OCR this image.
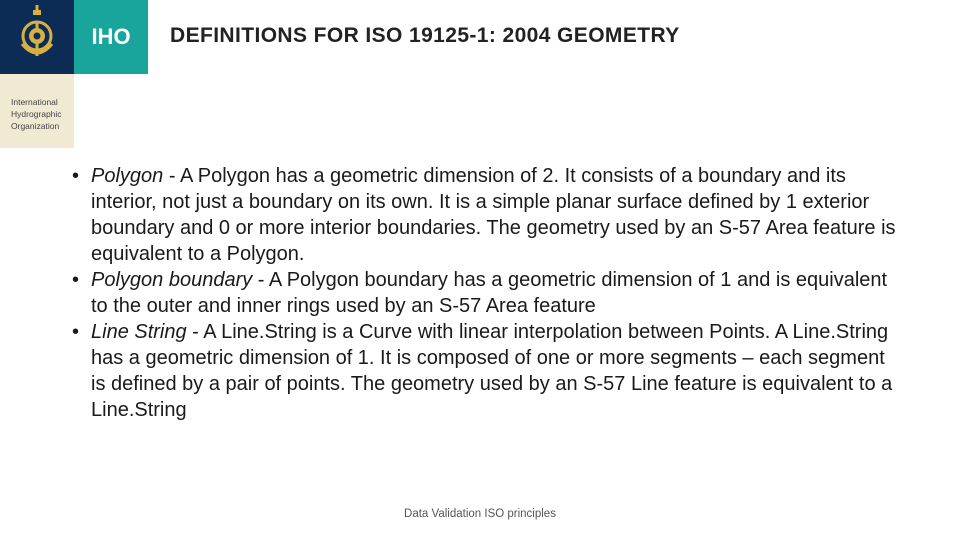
IHO
International
Hydrographic
Organization
DEFINITIONS FOR ISO 19125-1: 2004 GEOMETRY
• Polygon - A Polygon has a geometric dimension of 2. It consists of a boundary and its interior, not just a boundary on its own. It is a simple planar surface defined by 1 exterior boundary and 0 or more interior boundaries. The geometry used by an S-57 Area feature is equivalent to a Polygon.
• Polygon boundary - A Polygon boundary has a geometric dimension of 1 and is equivalent to the outer and inner rings used by an S-57 Area feature
• Line String - A Line.String is a Curve with linear interpolation between Points. A Line.String has a geometric dimension of 1. It is composed of one or more segments – each segment is defined by a pair of points. The geometry used by an S-57 Line feature is equivalent to a Line.String
Data Validation ISO principles
